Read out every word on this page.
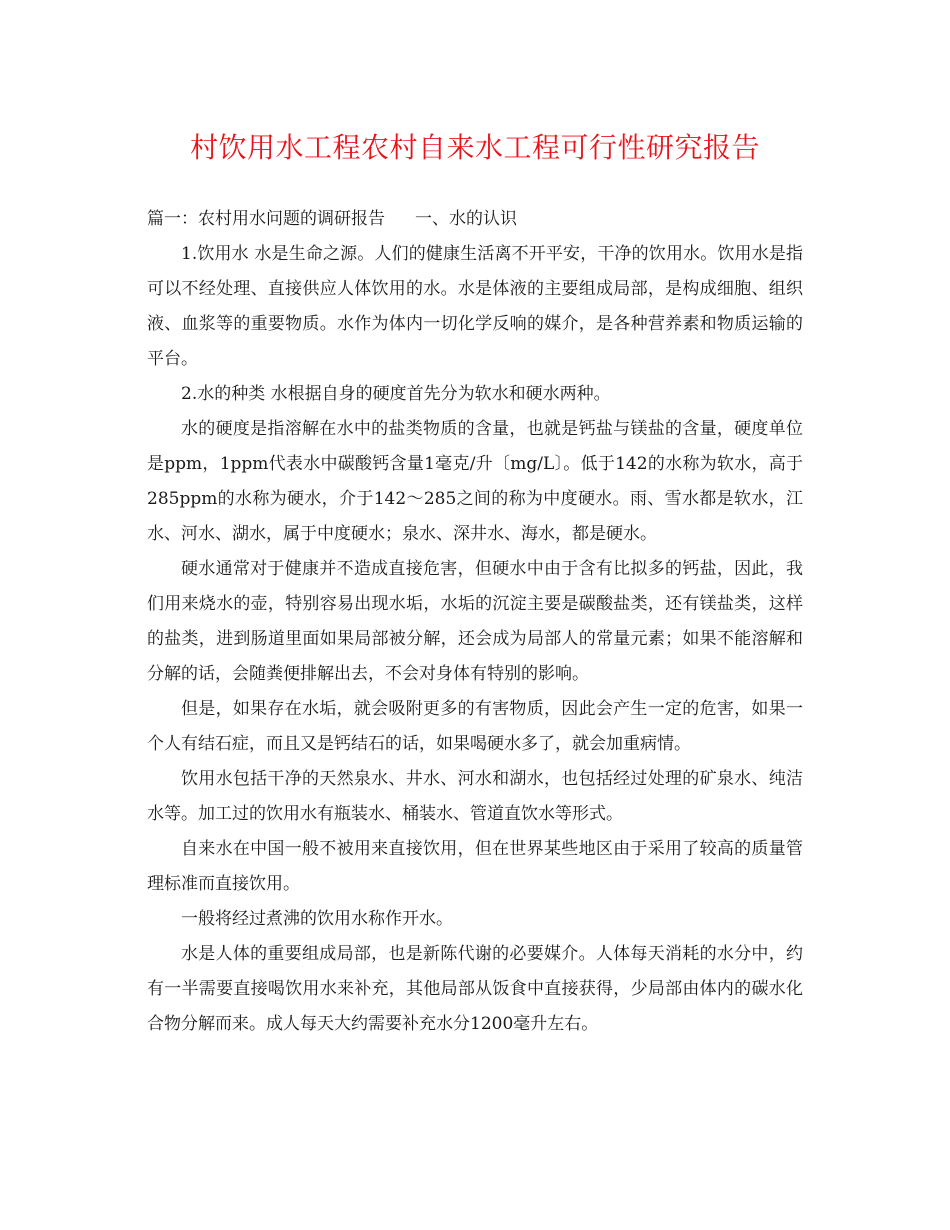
村饮用水工程农村自来水工程可行性研究报告

篇一：农村用水问题的调研报告 一、水的认识

1.饮用水 水是生命之源。人们的健康生活离不开平安，干净的饮用水。饮用水是指可以不经处理、直接供应人体饮用的水。水是体液的主要组成局部，是构成细胞、组织液、血浆等的重要物质。水作为体内一切化学反响的媒介，是各种营养素和物质运输的平台。

2.水的种类 水根据自身的硬度首先分为软水和硬水两种。

水的硬度是指溶解在水中的盐类物质的含量，也就是钙盐与镁盐的含量，硬度单位是ppm，1ppm代表水中碳酸钙含量1毫克/升〔mg/L〕。低于142的水称为软水，高于285ppm的水称为硬水，介于142～285之间的称为中度硬水。雨、雪水都是软水，江水、河水、湖水，属于中度硬水；泉水、深井水、海水，都是硬水。

硬水通常对于健康并不造成直接危害，但硬水中由于含有比拟多的钙盐，因此，我们用来烧水的壶，特别容易出现水垢，水垢的沉淀主要是碳酸盐类，还有镁盐类，这样的盐类，进到肠道里面如果局部被分解，还会成为局部人的常量元素；如果不能溶解和分解的话，会随粪便排解出去，不会对身体有特别的影响。

但是，如果存在水垢，就会吸附更多的有害物质，因此会产生一定的危害，如果一个人有结石症，而且又是钙结石的话，如果喝硬水多了，就会加重病情。

饮用水包括干净的天然泉水、井水、河水和湖水，也包括经过处理的矿泉水、纯洁水等。加工过的饮用水有瓶装水、桶装水、管道直饮水等形式。

自来水在中国一般不被用来直接饮用，但在世界某些地区由于采用了较高的质量管理标准而直接饮用。

一般将经过煮沸的饮用水称作开水。

水是人体的重要组成局部，也是新陈代谢的必要媒介。人体每天消耗的水分中，约有一半需要直接喝饮用水来补充，其他局部从饭食中直接获得，少局部由体内的碳水化合物分解而来。成人每天大约需要补充水分1200毫升左右。
